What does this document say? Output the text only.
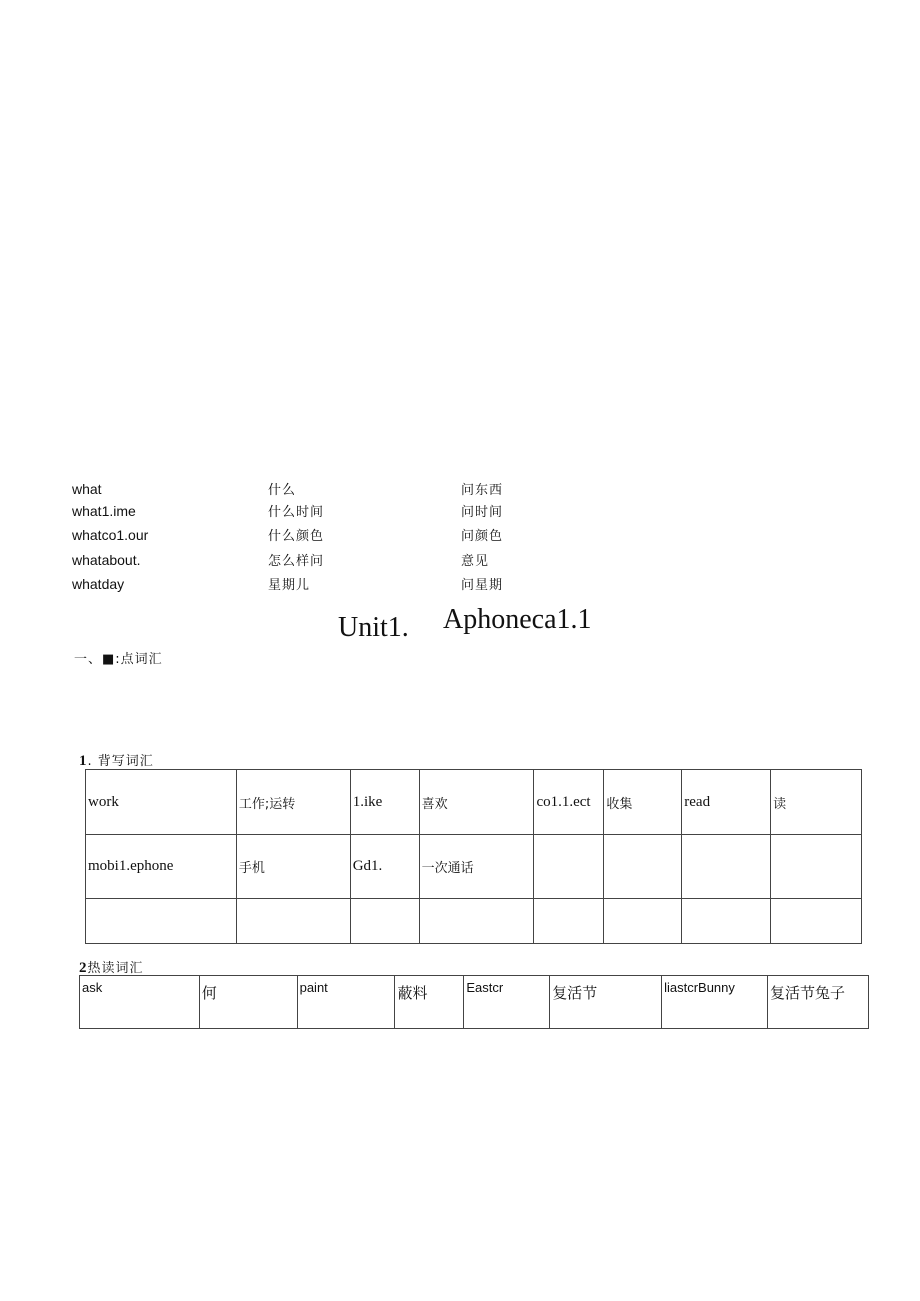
what	什么	问东西
what1.ime	什么时间	问时间
whatco1.our	什么颜色	问颜色
whatabout.	怎么样问	意见
whatday	星期儿	问星期
Unit1. Aphoneca1.1
一、■:点词汇
1. 背写词汇
work	工作;运转	1.ike	喜欢	co1.1.ect	收集	read	读
mobi1.ephone	手机	Gd1.	一次通话				

2热读词汇
ask	何	paint	蔽料	Eastcr	复活节	liastcrBunny	复活节兔子
